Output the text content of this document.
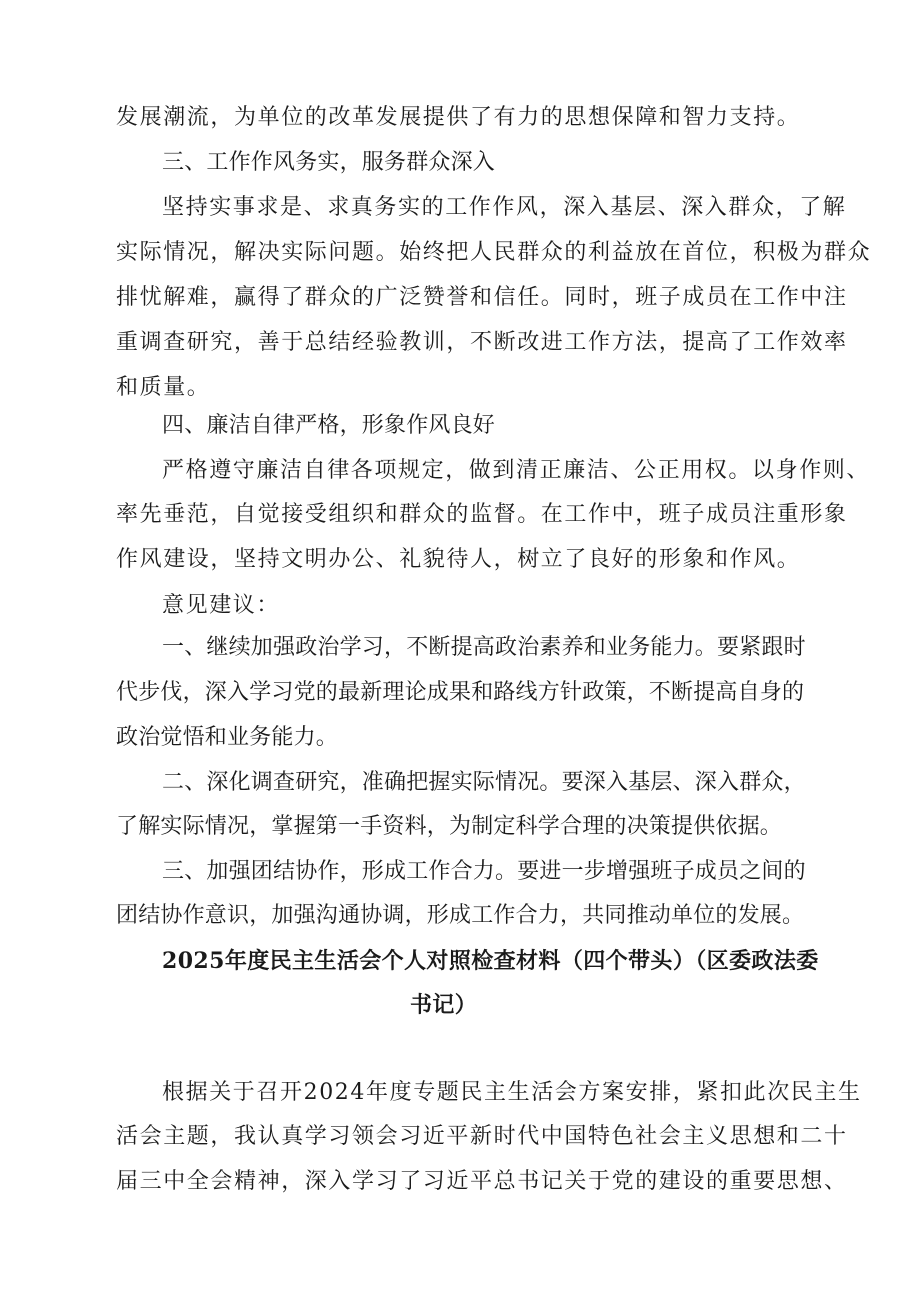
发展潮流，为单位的改革发展提供了有力的思想保障和智力支持。
三、工作作风务实，服务群众深入
坚持实事求是、求真务实的工作作风，深入基层、深入群众，了解
实际情况，解决实际问题。始终把人民群众的利益放在首位，积极为群众
排忧解难，赢得了群众的广泛赞誉和信任。同时，班子成员在工作中注
重调查研究，善于总结经验教训，不断改进工作方法，提高了工作效率
和质量。
四、廉洁自律严格，形象作风良好
严格遵守廉洁自律各项规定，做到清正廉洁、公正用权。以身作则、
率先垂范，自觉接受组织和群众的监督。在工作中，班子成员注重形象
作风建设，坚持文明办公、礼貌待人，树立了良好的形象和作风。
意见建议：
一、继续加强政治学习，不断提高政治素养和业务能力。要紧跟时
代步伐，深入学习党的最新理论成果和路线方针政策，不断提高自身的
政治觉悟和业务能力。
二、深化调查研究，准确把握实际情况。要深入基层、深入群众，
了解实际情况，掌握第一手资料，为制定科学合理的决策提供依据。
三、加强团结协作，形成工作合力。要进一步增强班子成员之间的
团结协作意识，加强沟通协调，形成工作合力，共同推动单位的发展。
2025年度民主生活会个人对照检查材料（四个带头）（区委政法委
书记）
根据关于召开2024年度专题民主生活会方案安排，紧扣此次民主生
活会主题，我认真学习领会习近平新时代中国特色社会主义思想和二十
届三中全会精神，深入学习了习近平总书记关于党的建设的重要思想、
